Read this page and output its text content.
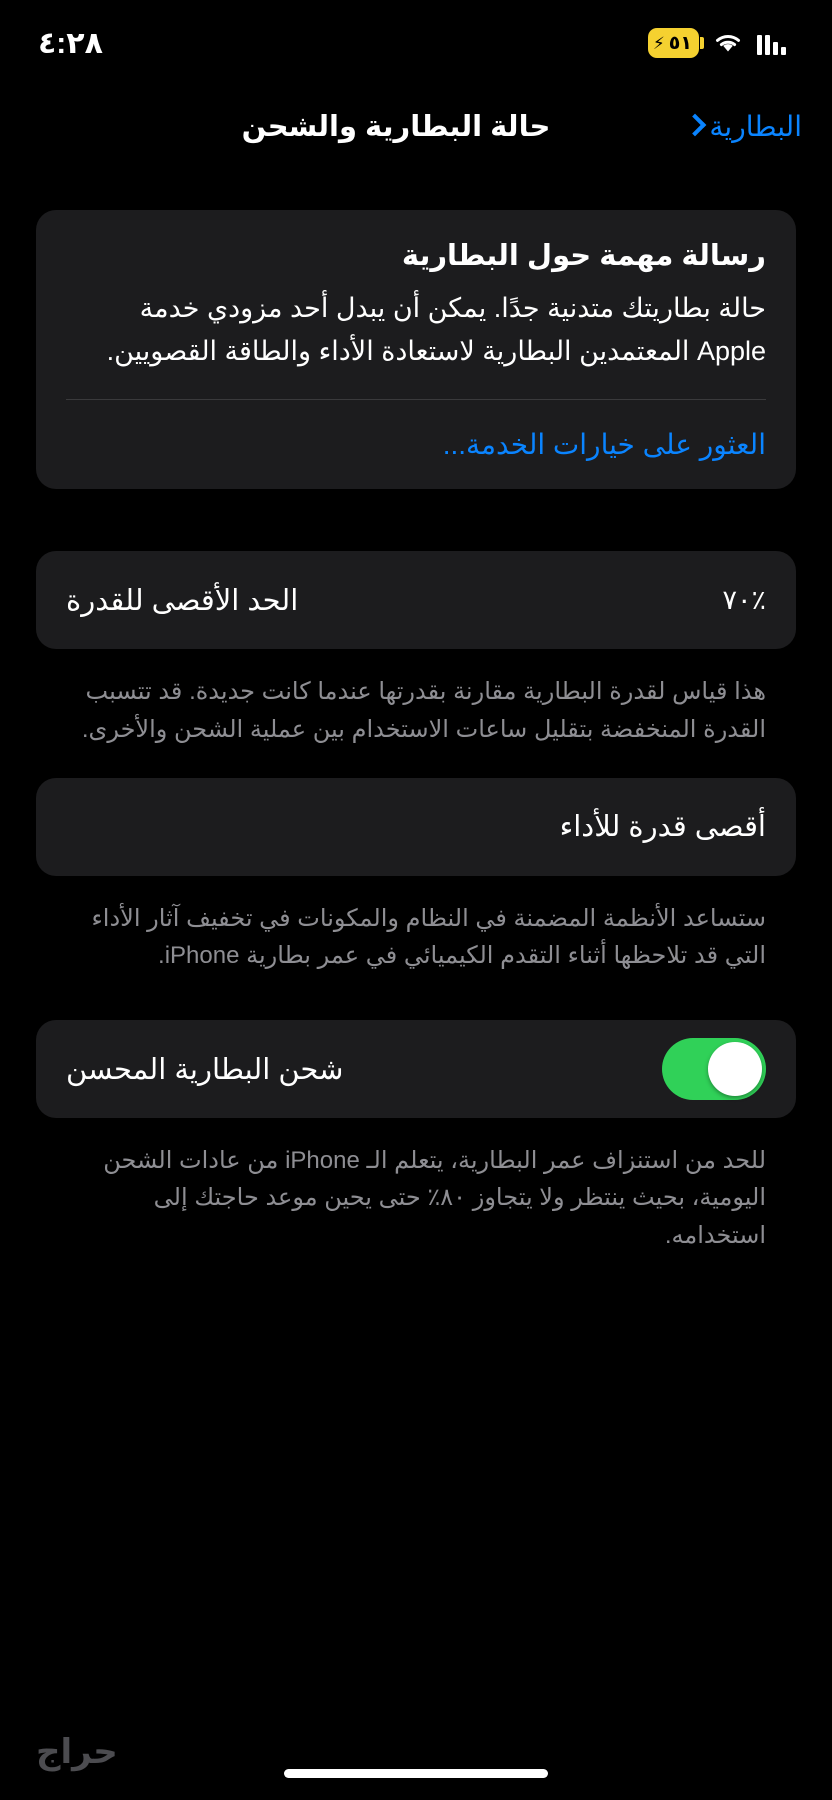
⚡ ٥١
٤:٢٨
البطارية
حالة البطارية والشحن
رسالة مهمة حول البطارية
حالة بطاريتك متدنية جدًا. يمكن أن يبدل أحد مزودي خدمة Apple المعتمدين البطارية لاستعادة الأداء والطاقة القصويين.
العثور على خيارات الخدمة...
الحد الأقصى للقدرة	٧٠٪
هذا قياس لقدرة البطارية مقارنة بقدرتها عندما كانت جديدة. قد تتسبب القدرة المنخفضة بتقليل ساعات الاستخدام بين عملية الشحن والأخرى.
أقصى قدرة للأداء
ستساعد الأنظمة المضمنة في النظام والمكونات في تخفيف آثار الأداء التي قد تلاحظها أثناء التقدم الكيميائي في عمر بطارية iPhone.
شحن البطارية المحسن
للحد من استنزاف عمر البطارية، يتعلم الـ iPhone من عادات الشحن اليومية، بحيث ينتظر ولا يتجاوز ٨٠٪ حتى يحين موعد حاجتك إلى استخدامه.
حراج
